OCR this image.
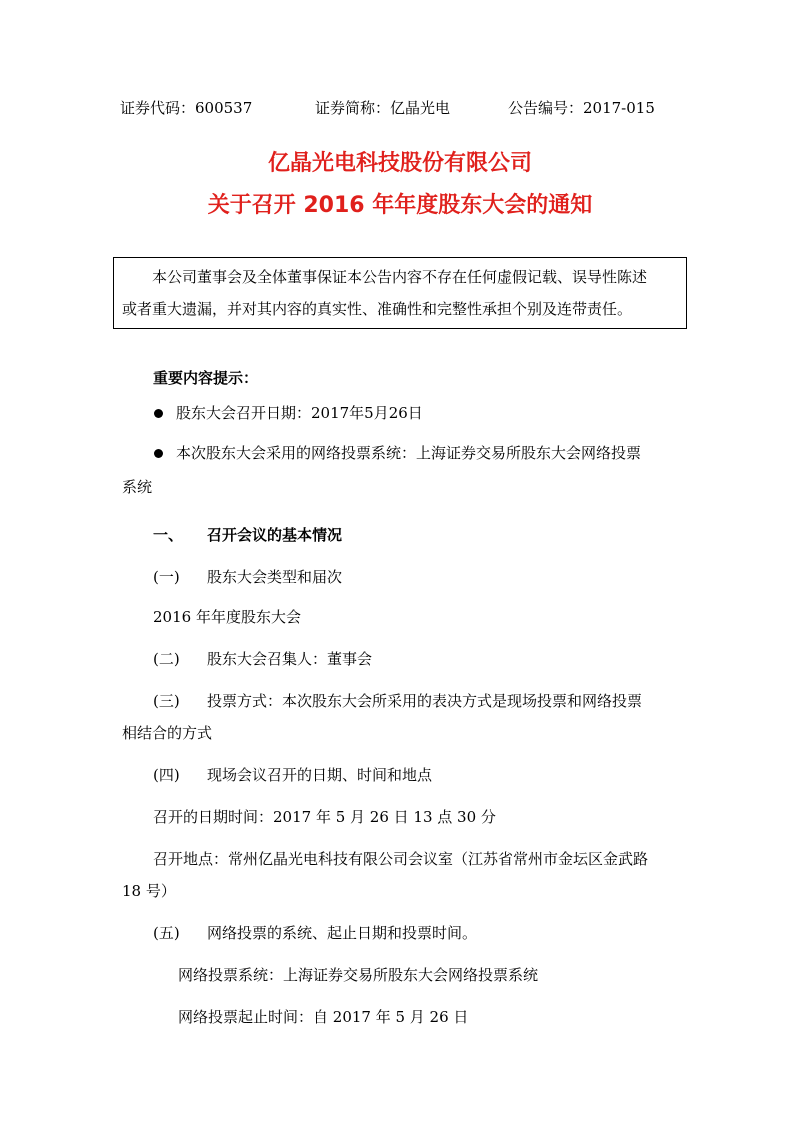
证券代码：600537	证券简称：亿晶光电	公告编号：2017-015
亿晶光电科技股份有限公司
关于召开 2016 年年度股东大会的通知
本公司董事会及全体董事保证本公告内容不存在任何虚假记载、误导性陈述
或者重大遗漏，并对其内容的真实性、准确性和完整性承担个别及连带责任。
重要内容提示：
股东大会召开日期：2017年5月26日
本次股东大会采用的网络投票系统：上海证券交易所股东大会网络投票
系统
一、 召开会议的基本情况
(一) 股东大会类型和届次
2016 年年度股东大会
(二) 股东大会召集人：董事会
(三) 投票方式：本次股东大会所采用的表决方式是现场投票和网络投票
相结合的方式
(四) 现场会议召开的日期、时间和地点
召开的日期时间：2017 年 5 月 26 日 13 点 30 分
召开地点：常州亿晶光电科技有限公司会议室（江苏省常州市金坛区金武路
18 号）
(五) 网络投票的系统、起止日期和投票时间。
网络投票系统：上海证券交易所股东大会网络投票系统
网络投票起止时间：自 2017 年 5 月 26 日
